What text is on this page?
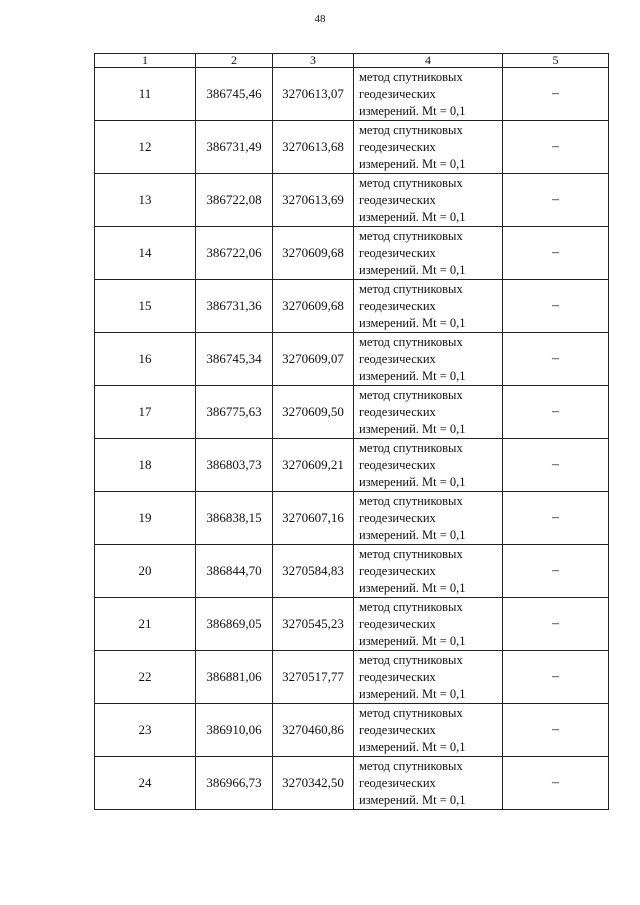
48
1	2	3	4	5
11	386745,46	3270613,07	метод спутниковых
геодезических
измерений. Mt = 0,1	–
12	386731,49	3270613,68	метод спутниковых
геодезических
измерений. Mt = 0,1	–
13	386722,08	3270613,69	метод спутниковых
геодезических
измерений. Mt = 0,1	–
14	386722,06	3270609,68	метод спутниковых
геодезических
измерений. Mt = 0,1	–
15	386731,36	3270609,68	метод спутниковых
геодезических
измерений. Mt = 0,1	–
16	386745,34	3270609,07	метод спутниковых
геодезических
измерений. Mt = 0,1	–
17	386775,63	3270609,50	метод спутниковых
геодезических
измерений. Mt = 0,1	–
18	386803,73	3270609,21	метод спутниковых
геодезических
измерений. Mt = 0,1	–
19	386838,15	3270607,16	метод спутниковых
геодезических
измерений. Mt = 0,1	–
20	386844,70	3270584,83	метод спутниковых
геодезических
измерений. Mt = 0,1	–
21	386869,05	3270545,23	метод спутниковых
геодезических
измерений. Mt = 0,1	–
22	386881,06	3270517,77	метод спутниковых
геодезических
измерений. Mt = 0,1	–
23	386910,06	3270460,86	метод спутниковых
геодезических
измерений. Mt = 0,1	–
24	386966,73	3270342,50	метод спутниковых
геодезических
измерений. Mt = 0,1	–
